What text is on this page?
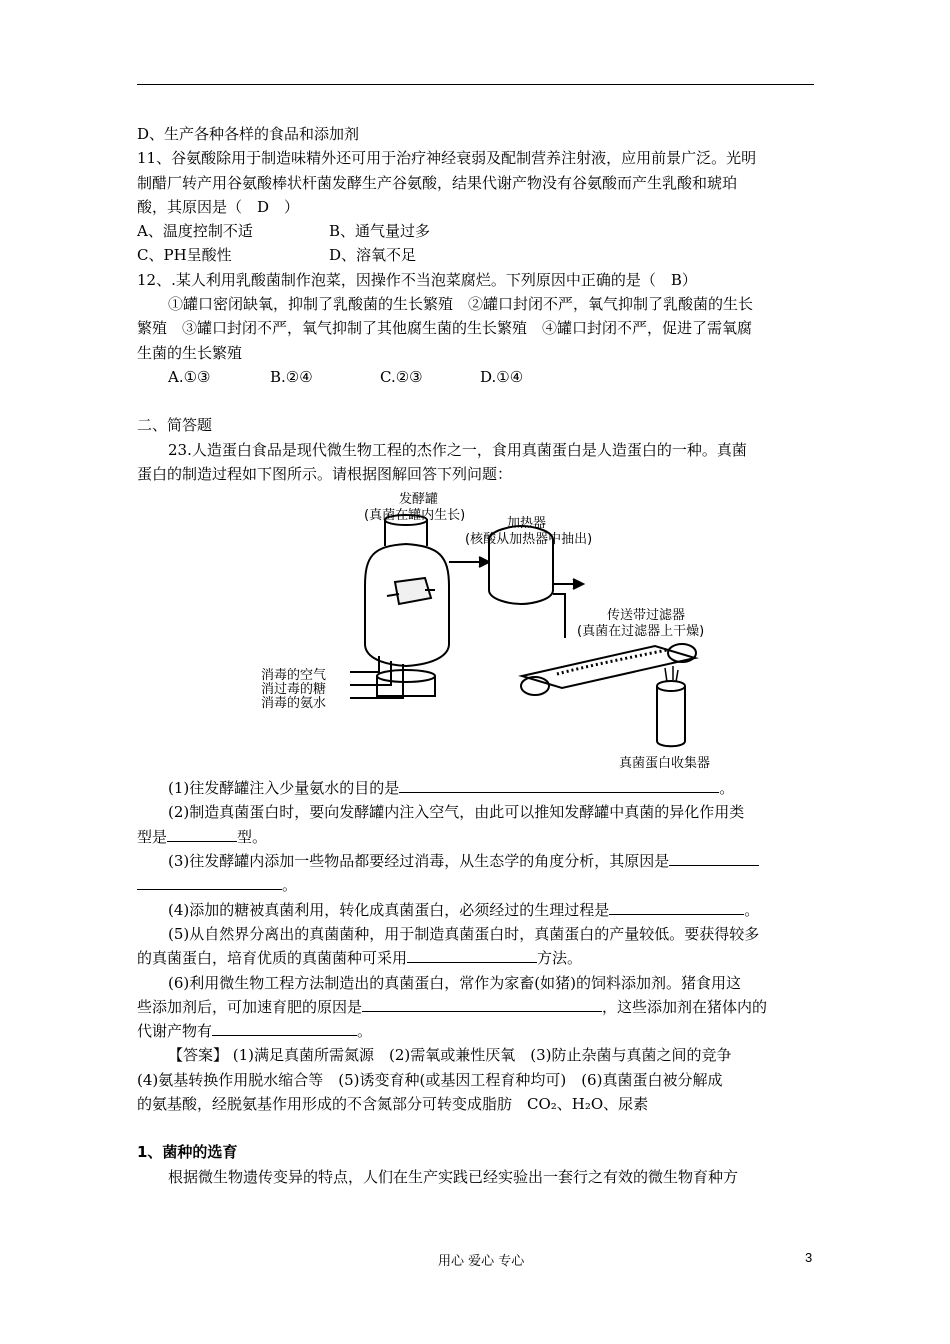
D、生产各种各样的食品和添加剂
11、谷氨酸除用于制造味精外还可用于治疗神经衰弱及配制营养注射液，应用前景广泛。光明
制醋厂转产用谷氨酸棒状杆菌发酵生产谷氨酸，结果代谢产物没有谷氨酸而产生乳酸和琥珀
酸，其原因是（　D　）
A、温度控制不适	B、通气量过多
C、PH呈酸性	D、溶氧不足
12、.某人利用乳酸菌制作泡菜，因操作不当泡菜腐烂。下列原因中正确的是（　B）
①罐口密闭缺氧，抑制了乳酸菌的生长繁殖　②罐口封闭不严，氧气抑制了乳酸菌的生长
繁殖　③罐口封闭不严，氧气抑制了其他腐生菌的生长繁殖　④罐口封闭不严，促进了需氧腐
生菌的生长繁殖
A.①③	B.②④	C.②③	D.①④
二、简答题
23.人造蛋白食品是现代微生物工程的杰作之一，食用真菌蛋白是人造蛋白的一种。真菌
蛋白的制造过程如下图所示。请根据图解回答下列问题：
发酵罐
(真菌在罐内生长)
加热器
(核酸从加热器中抽出)
传送带过滤器
(真菌在过滤器上干燥)
消毒的空气
消过毒的糖
消毒的氨水
真菌蛋白收集器
(1)往发酵罐注入少量氨水的目的是	。
(2)制造真菌蛋白时，要向发酵罐内注入空气，由此可以推知发酵罐中真菌的异化作用类
型是	型。
(3)往发酵罐内添加一些物品都要经过消毒，从生态学的角度分析，其原因是
。
(4)添加的糖被真菌利用，转化成真菌蛋白，必须经过的生理过程是	。
(5)从自然界分离出的真菌菌种，用于制造真菌蛋白时，真菌蛋白的产量较低。要获得较多
的真菌蛋白，培育优质的真菌菌种可采用	方法。
(6)利用微生物工程方法制造出的真菌蛋白，常作为家畜(如猪)的饲料添加剂。猪食用这
些添加剂后，可加速育肥的原因是	，这些添加剂在猪体内的
代谢产物有	。
【答案】 (1)满足真菌所需氮源　(2)需氧或兼性厌氧　(3)防止杂菌与真菌之间的竞争
(4)氨基转换作用脱水缩合等　(5)诱变育种(或基因工程育种均可)　(6)真菌蛋白被分解成
的氨基酸，经脱氨基作用形成的不含氮部分可转变成脂肪　CO₂、H₂O、尿素
1、菌种的选育
根据微生物遗传变异的特点，人们在生产实践已经实验出一套行之有效的微生物育种方
用心 爱心 专心	3
